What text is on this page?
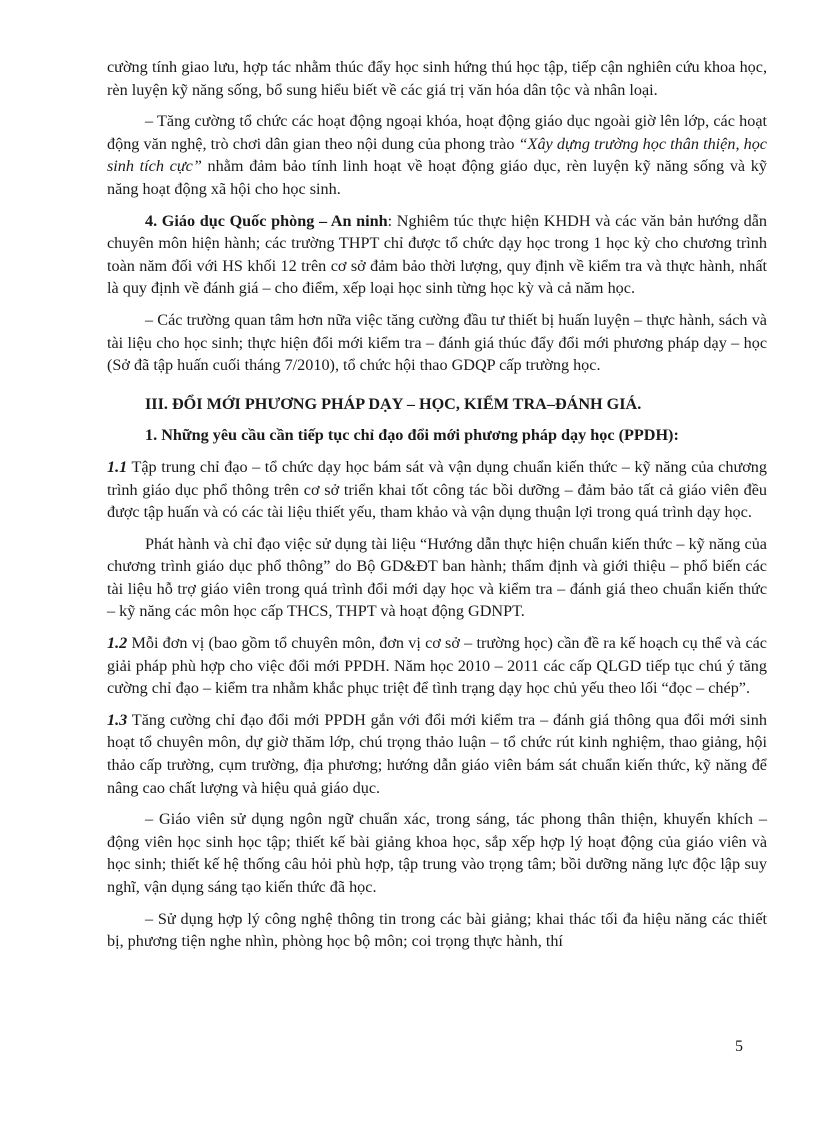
cường tính giao lưu, hợp tác nhằm thúc đẩy học sinh hứng thú học tập, tiếp cận nghiên cứu khoa học, rèn luyện kỹ năng sống, bổ sung hiểu biết về các giá trị văn hóa dân tộc và nhân loại.

– Tăng cường tổ chức các hoạt động ngoại khóa, hoạt động giáo dục ngoài giờ lên lớp, các hoạt động văn nghệ, trò chơi dân gian theo nội dung của phong trào “Xây dựng trường học thân thiện, học sinh tích cực” nhằm đảm bảo tính linh hoạt về hoạt động giáo dục, rèn luyện kỹ năng sống và kỹ năng hoạt động xã hội cho học sinh.

4. Giáo dục Quốc phòng – An ninh: Nghiêm túc thực hiện KHDH và các văn bản hướng dẫn chuyên môn hiện hành; các trường THPT chỉ được tổ chức dạy học trong 1 học kỳ cho chương trình toàn năm đối với HS khối 12 trên cơ sở đảm bảo thời lượng, quy định về kiểm tra và thực hành, nhất là quy định về đánh giá – cho điểm, xếp loại học sinh từng học kỳ và cả năm học.

– Các trường quan tâm hơn nữa việc tăng cường đầu tư thiết bị huấn luyện – thực hành, sách và tài liệu cho học sinh; thực hiện đổi mới kiểm tra – đánh giá thúc đẩy đổi mới phương pháp dạy – học (Sở đã tập huấn cuối tháng 7/2010), tổ chức hội thao GDQP cấp trường học.

III. ĐỔI MỚI PHƯƠNG PHÁP DẠY – HỌC, KIỂM TRA–ĐÁNH GIÁ.

1. Những yêu cầu cần tiếp tục chỉ đạo đổi mới phương pháp dạy học (PPDH):

1.1 Tập trung chỉ đạo – tổ chức dạy học bám sát và vận dụng chuẩn kiến thức – kỹ năng của chương trình giáo dục phổ thông trên cơ sở triển khai tốt công tác bồi dưỡng – đảm bảo tất cả giáo viên đều được tập huấn và có các tài liệu thiết yếu, tham khảo và vận dụng thuận lợi trong quá trình dạy học.

Phát hành và chỉ đạo việc sử dụng tài liệu “Hướng dẫn thực hiện chuẩn kiến thức – kỹ năng của chương trình giáo dục phổ thông” do Bộ GD&ĐT ban hành; thẩm định và giới thiệu – phổ biến các tài liệu hỗ trợ giáo viên trong quá trình đổi mới dạy học và kiểm tra – đánh giá theo chuẩn kiến thức – kỹ năng các môn học cấp THCS, THPT và hoạt động GDNPT.

1.2 Mỗi đơn vị (bao gồm tổ chuyên môn, đơn vị cơ sở – trường học) cần đề ra kế hoạch cụ thể và các giải pháp phù hợp cho việc đổi mới PPDH. Năm học 2010 – 2011 các cấp QLGD tiếp tục chú ý tăng cường chỉ đạo – kiểm tra nhằm khắc phục triệt để tình trạng dạy học chủ yếu theo lối “đọc – chép”.

1.3 Tăng cường chỉ đạo đổi mới PPDH gắn với đổi mới kiểm tra – đánh giá thông qua đổi mới sinh hoạt tổ chuyên môn, dự giờ thăm lớp, chú trọng thảo luận – tổ chức rút kinh nghiệm, thao giảng, hội thảo cấp trường, cụm trường, địa phương; hướng dẫn giáo viên bám sát chuẩn kiến thức, kỹ năng để nâng cao chất lượng và hiệu quả giáo dục.

– Giáo viên sử dụng ngôn ngữ chuẩn xác, trong sáng, tác phong thân thiện, khuyến khích – động viên học sinh học tập; thiết kế bài giảng khoa học, sắp xếp hợp lý hoạt động của giáo viên và học sinh; thiết kế hệ thống câu hỏi phù hợp, tập trung vào trọng tâm; bồi dưỡng năng lực độc lập suy nghĩ, vận dụng sáng tạo kiến thức đã học.

– Sử dụng hợp lý công nghệ thông tin trong các bài giảng; khai thác tối đa hiệu năng các thiết bị, phương tiện nghe nhìn, phòng học bộ môn; coi trọng thực hành, thí

5
